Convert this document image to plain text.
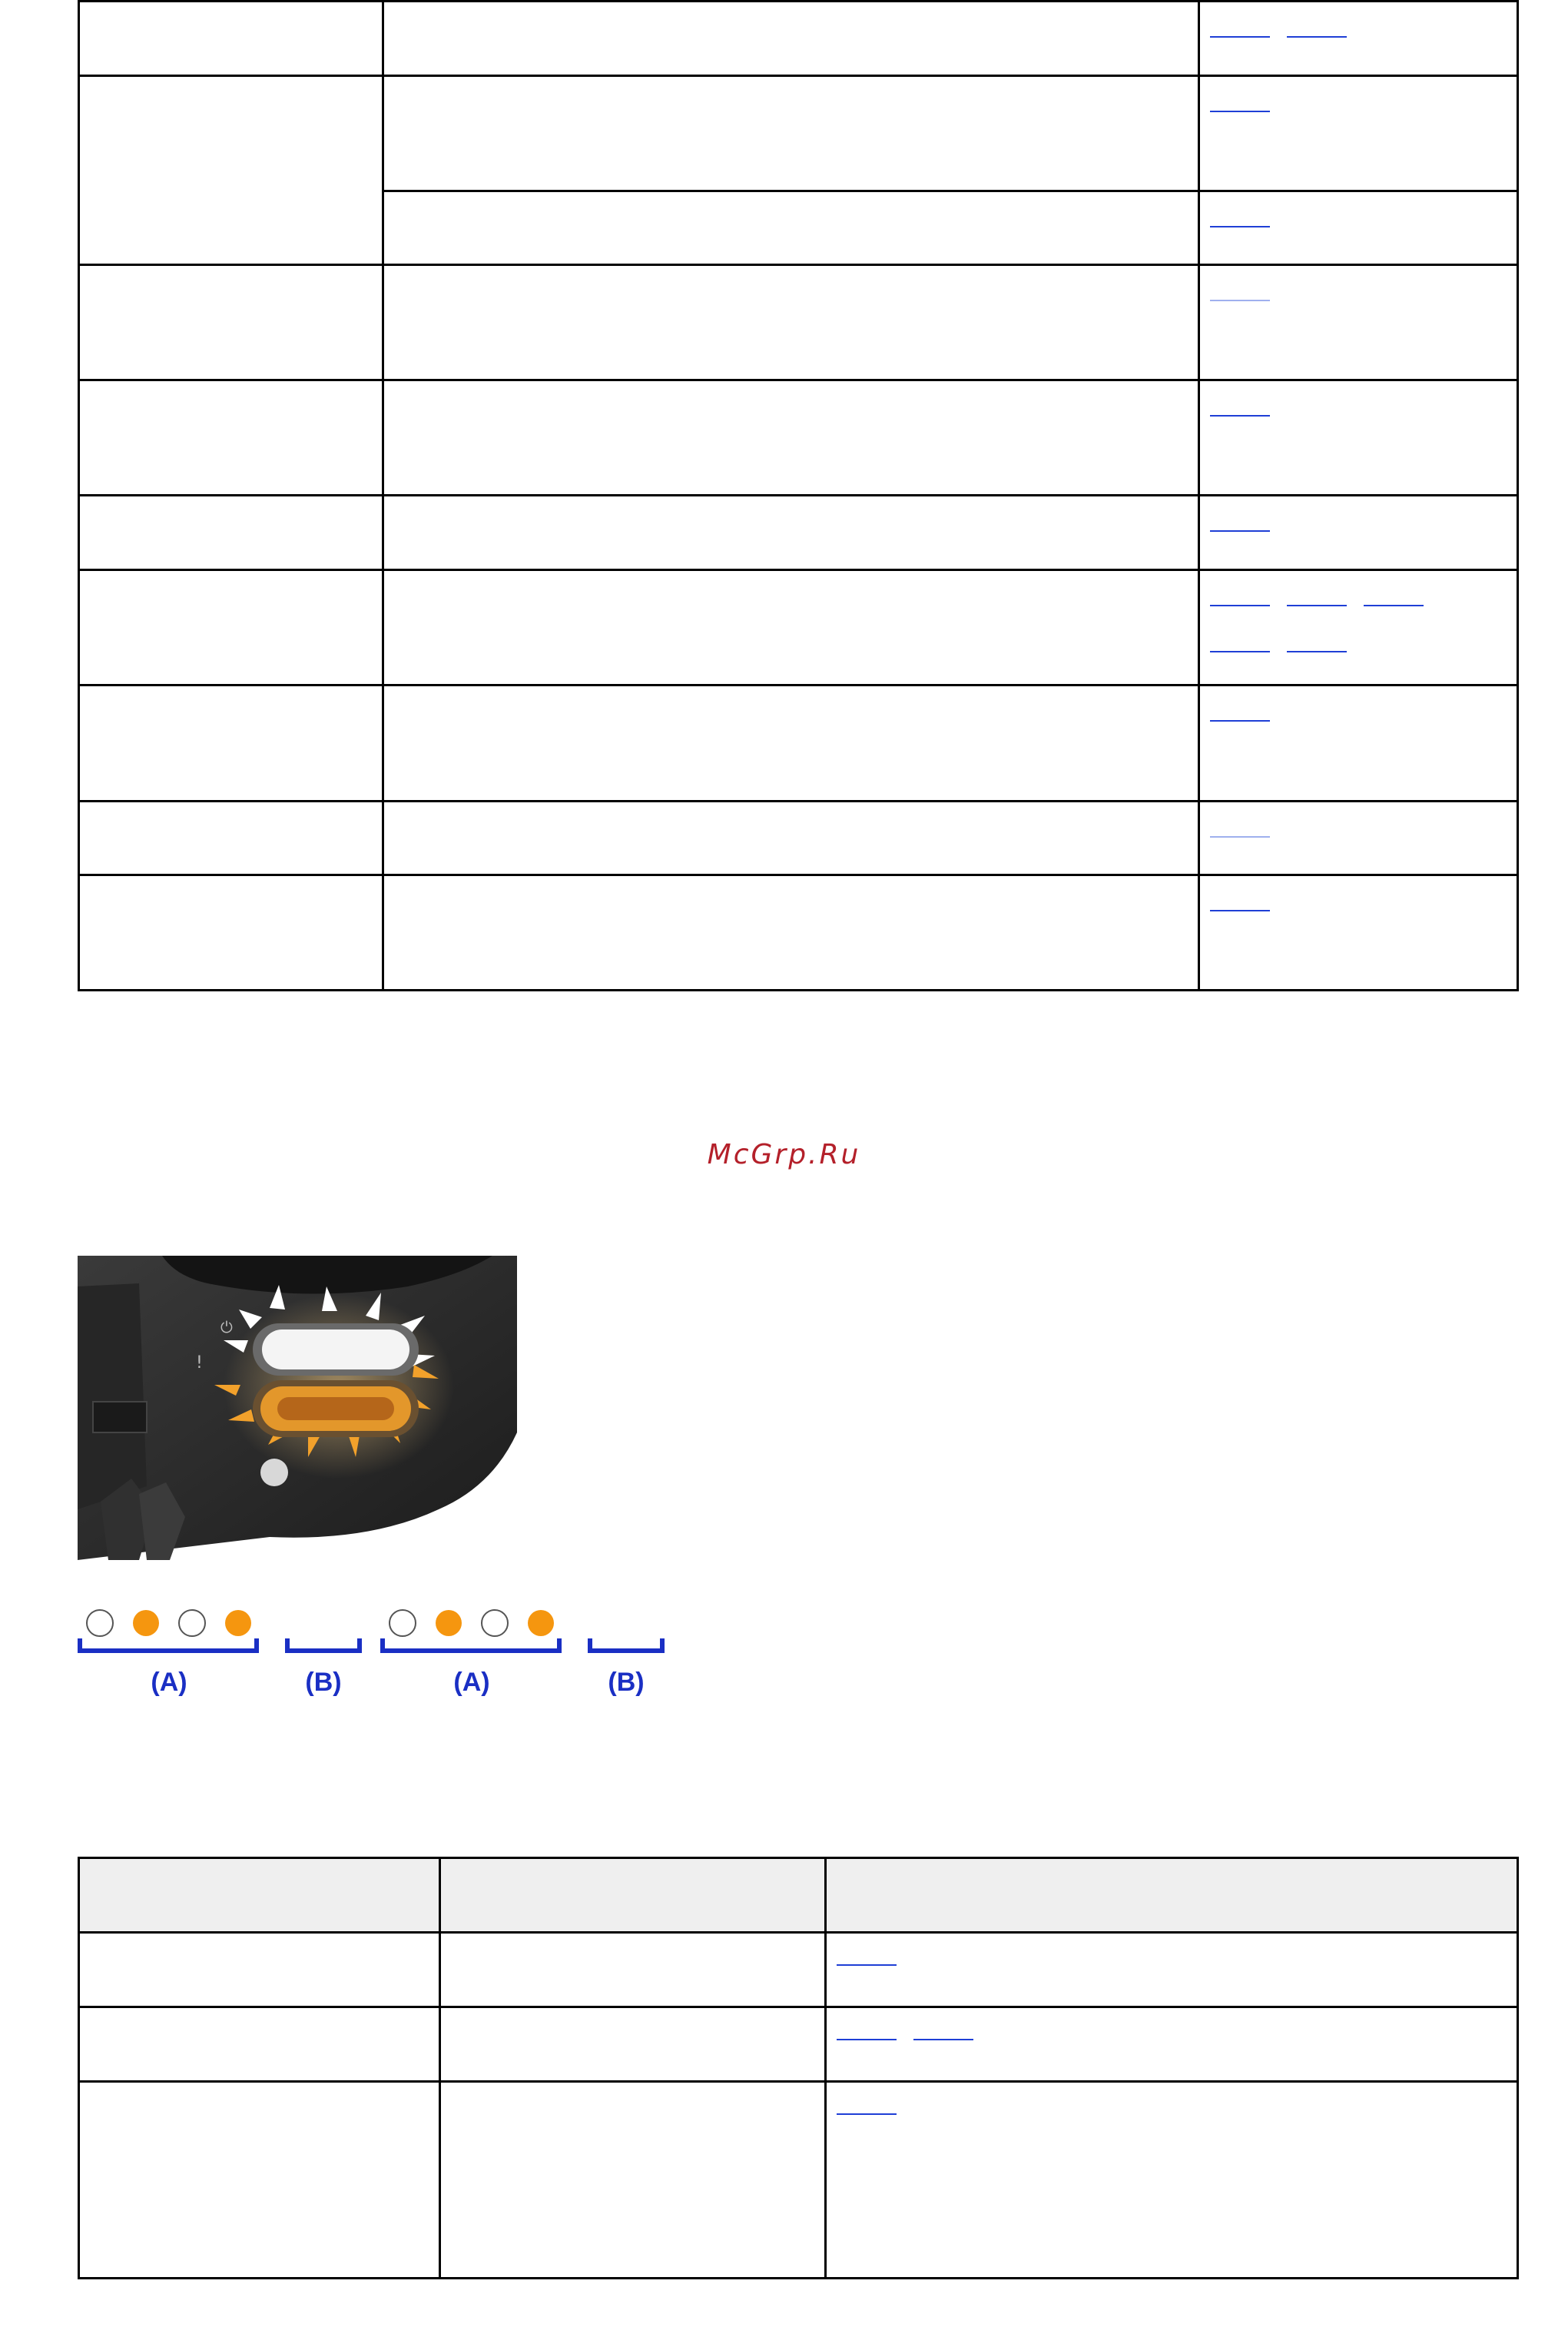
McGrp.Ru
⏻
!
(A)	(B)	(A)	(B)
